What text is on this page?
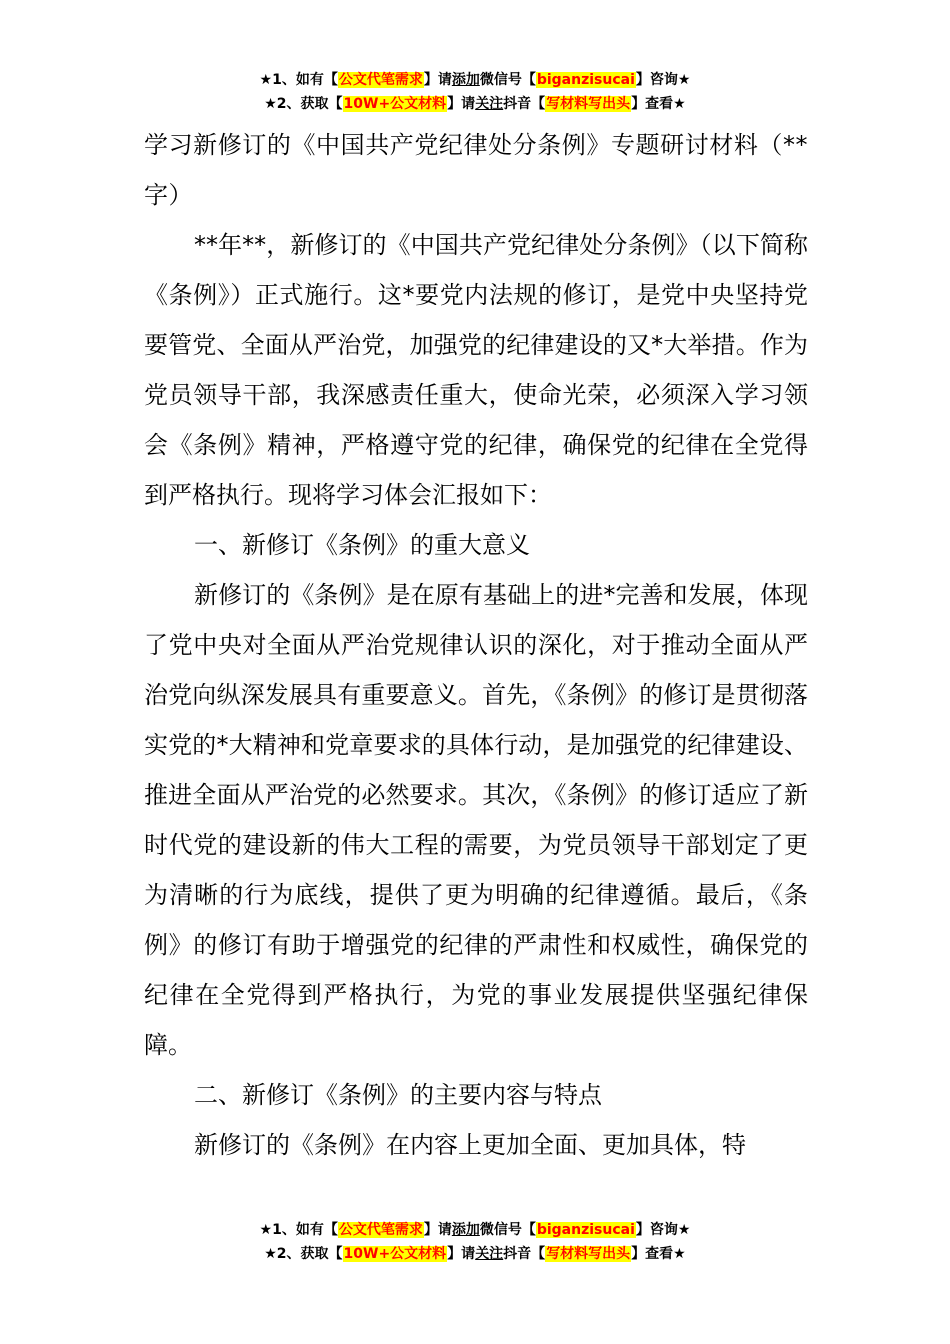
★1、如有【公文代笔需求】请添加微信号【biganzisucai】咨询★
★2、获取【10W+公文材料】请关注抖音【写材料写出头】查看★

学习新修订的《中国共产党纪律处分条例》专题研讨材料（**字）

**年**，新修订的《中国共产党纪律处分条例》（以下简称《条例》）正式施行。这*要党内法规的修订，是党中央坚持党要管党、全面从严治党，加强党的纪律建设的又*大举措。作为党员领导干部，我深感责任重大，使命光荣，必须深入学习领会《条例》精神，严格遵守党的纪律，确保党的纪律在全党得到严格执行。现将学习体会汇报如下：

一、新修订《条例》的重大意义

新修订的《条例》是在原有基础上的进*完善和发展，体现了党中央对全面从严治党规律认识的深化，对于推动全面从严治党向纵深发展具有重要意义。首先，《条例》的修订是贯彻落实党的*大精神和党章要求的具体行动，是加强党的纪律建设、推进全面从严治党的必然要求。其次，《条例》的修订适应了新时代党的建设新的伟大工程的需要，为党员领导干部划定了更为清晰的行为底线，提供了更为明确的纪律遵循。最后，《条例》的修订有助于增强党的纪律的严肃性和权威性，确保党的纪律在全党得到严格执行，为党的事业发展提供坚强纪律保障。

二、新修订《条例》的主要内容与特点

新修订的《条例》在内容上更加全面、更加具体，特

★1、如有【公文代笔需求】请添加微信号【biganzisucai】咨询★
★2、获取【10W+公文材料】请关注抖音【写材料写出头】查看★
